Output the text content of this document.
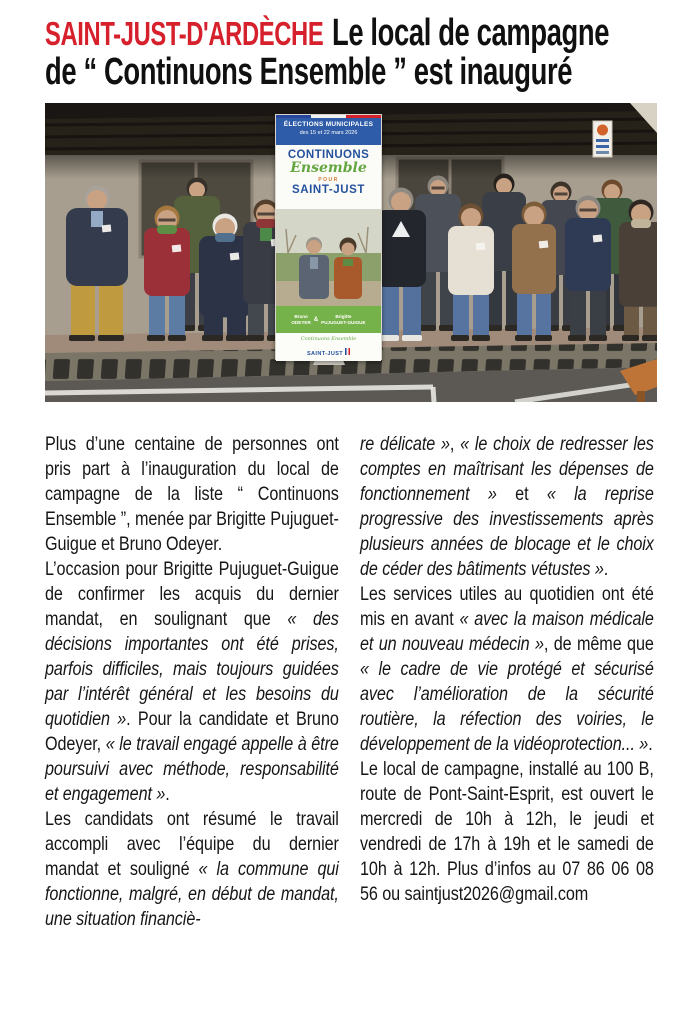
SAINT-JUST-D'ARDÈCHE Le local de campagne
de “ Continuons Ensemble ” est inauguré
ÉLECTIONS MUNICIPALES
des 15 et 22 mars 2026
CONTINUONS
Ensemble
POUR
SAINT-JUST
Bruno
ODEYER &
Brigitte
PUJUGUET-GUIGUE
Continuons Ensemble
SAINT-JUST

Plus d’une centaine de personnes ont pris part à l’inauguration du local de campagne de la liste “ Continuons Ensemble ”, menée par Brigitte Pujuguet-Guigue et Bruno Odeyer.

L’occasion pour Brigitte Pujuguet-Guigue de confirmer les acquis du dernier mandat, en soulignant que « des décisions importantes ont été prises, parfois difficiles, mais toujours guidées par l’intérêt général et les besoins du quotidien ». Pour la candidate et Bruno Odeyer, « le travail engagé appelle à être poursuivi avec méthode, responsabilité et engagement ».

Les candidats ont résumé le travail accompli avec l’équipe du dernier mandat et souligné « la commune qui fonctionne, malgré, en début de mandat, une situation financiè-

re délicate », « le choix de redresser les comptes en maîtrisant les dépenses de fonctionnement » et « la reprise progressive des investissements après plusieurs années de blocage et le choix de céder des bâtiments vétustes ».

Les services utiles au quotidien ont été mis en avant « avec la maison médicale et un nouveau médecin », de même que « le cadre de vie protégé et sécurisé avec l’amélioration de la sécurité routière, la réfection des voiries, le développement de la vidéoprotection... ».

Le local de campagne, installé au 100 B, route de Pont-Saint-Esprit, est ouvert le mercredi de 10h à 12h, le jeudi et vendredi de 17h à 19h et le samedi de 10h à 12h. Plus d’infos au 07 86 06 08 56 ou saintjust2026@gmail.com
